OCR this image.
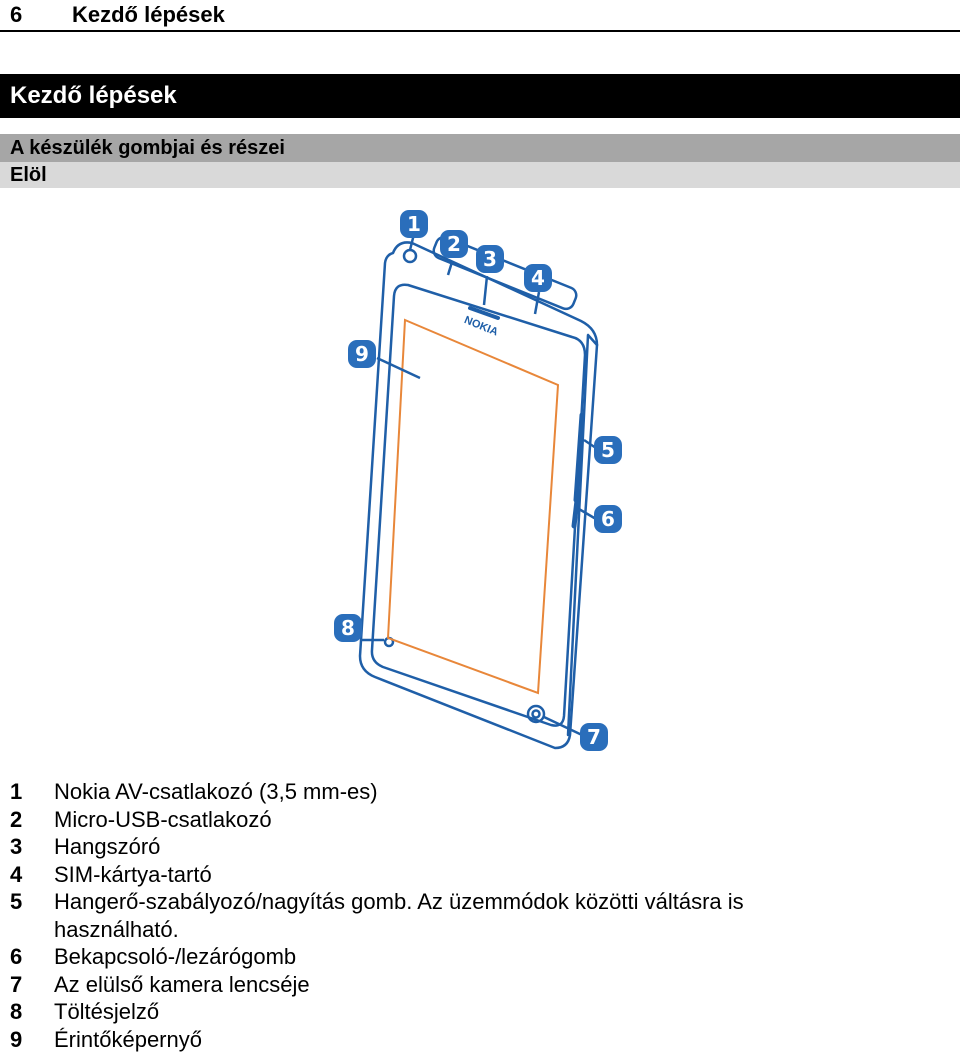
6 Kezdő lépések
Kezdő lépések
A készülék gombjai és részei
Elöl
NOKIA
1
2
3
4
5
6
7
8
9
1	Nokia AV-csatlakozó (3,5 mm-es)
2	Micro-USB-csatlakozó
3	Hangszóró
4	SIM-kártya-tartó
5	Hangerő-szabályozó/nagyítás gomb. Az üzemmódok közötti váltásra is
használható.
6	Bekapcsoló-/lezárógomb
7	Az elülső kamera lencséje
8	Töltésjelző
9	Érintőképernyő
